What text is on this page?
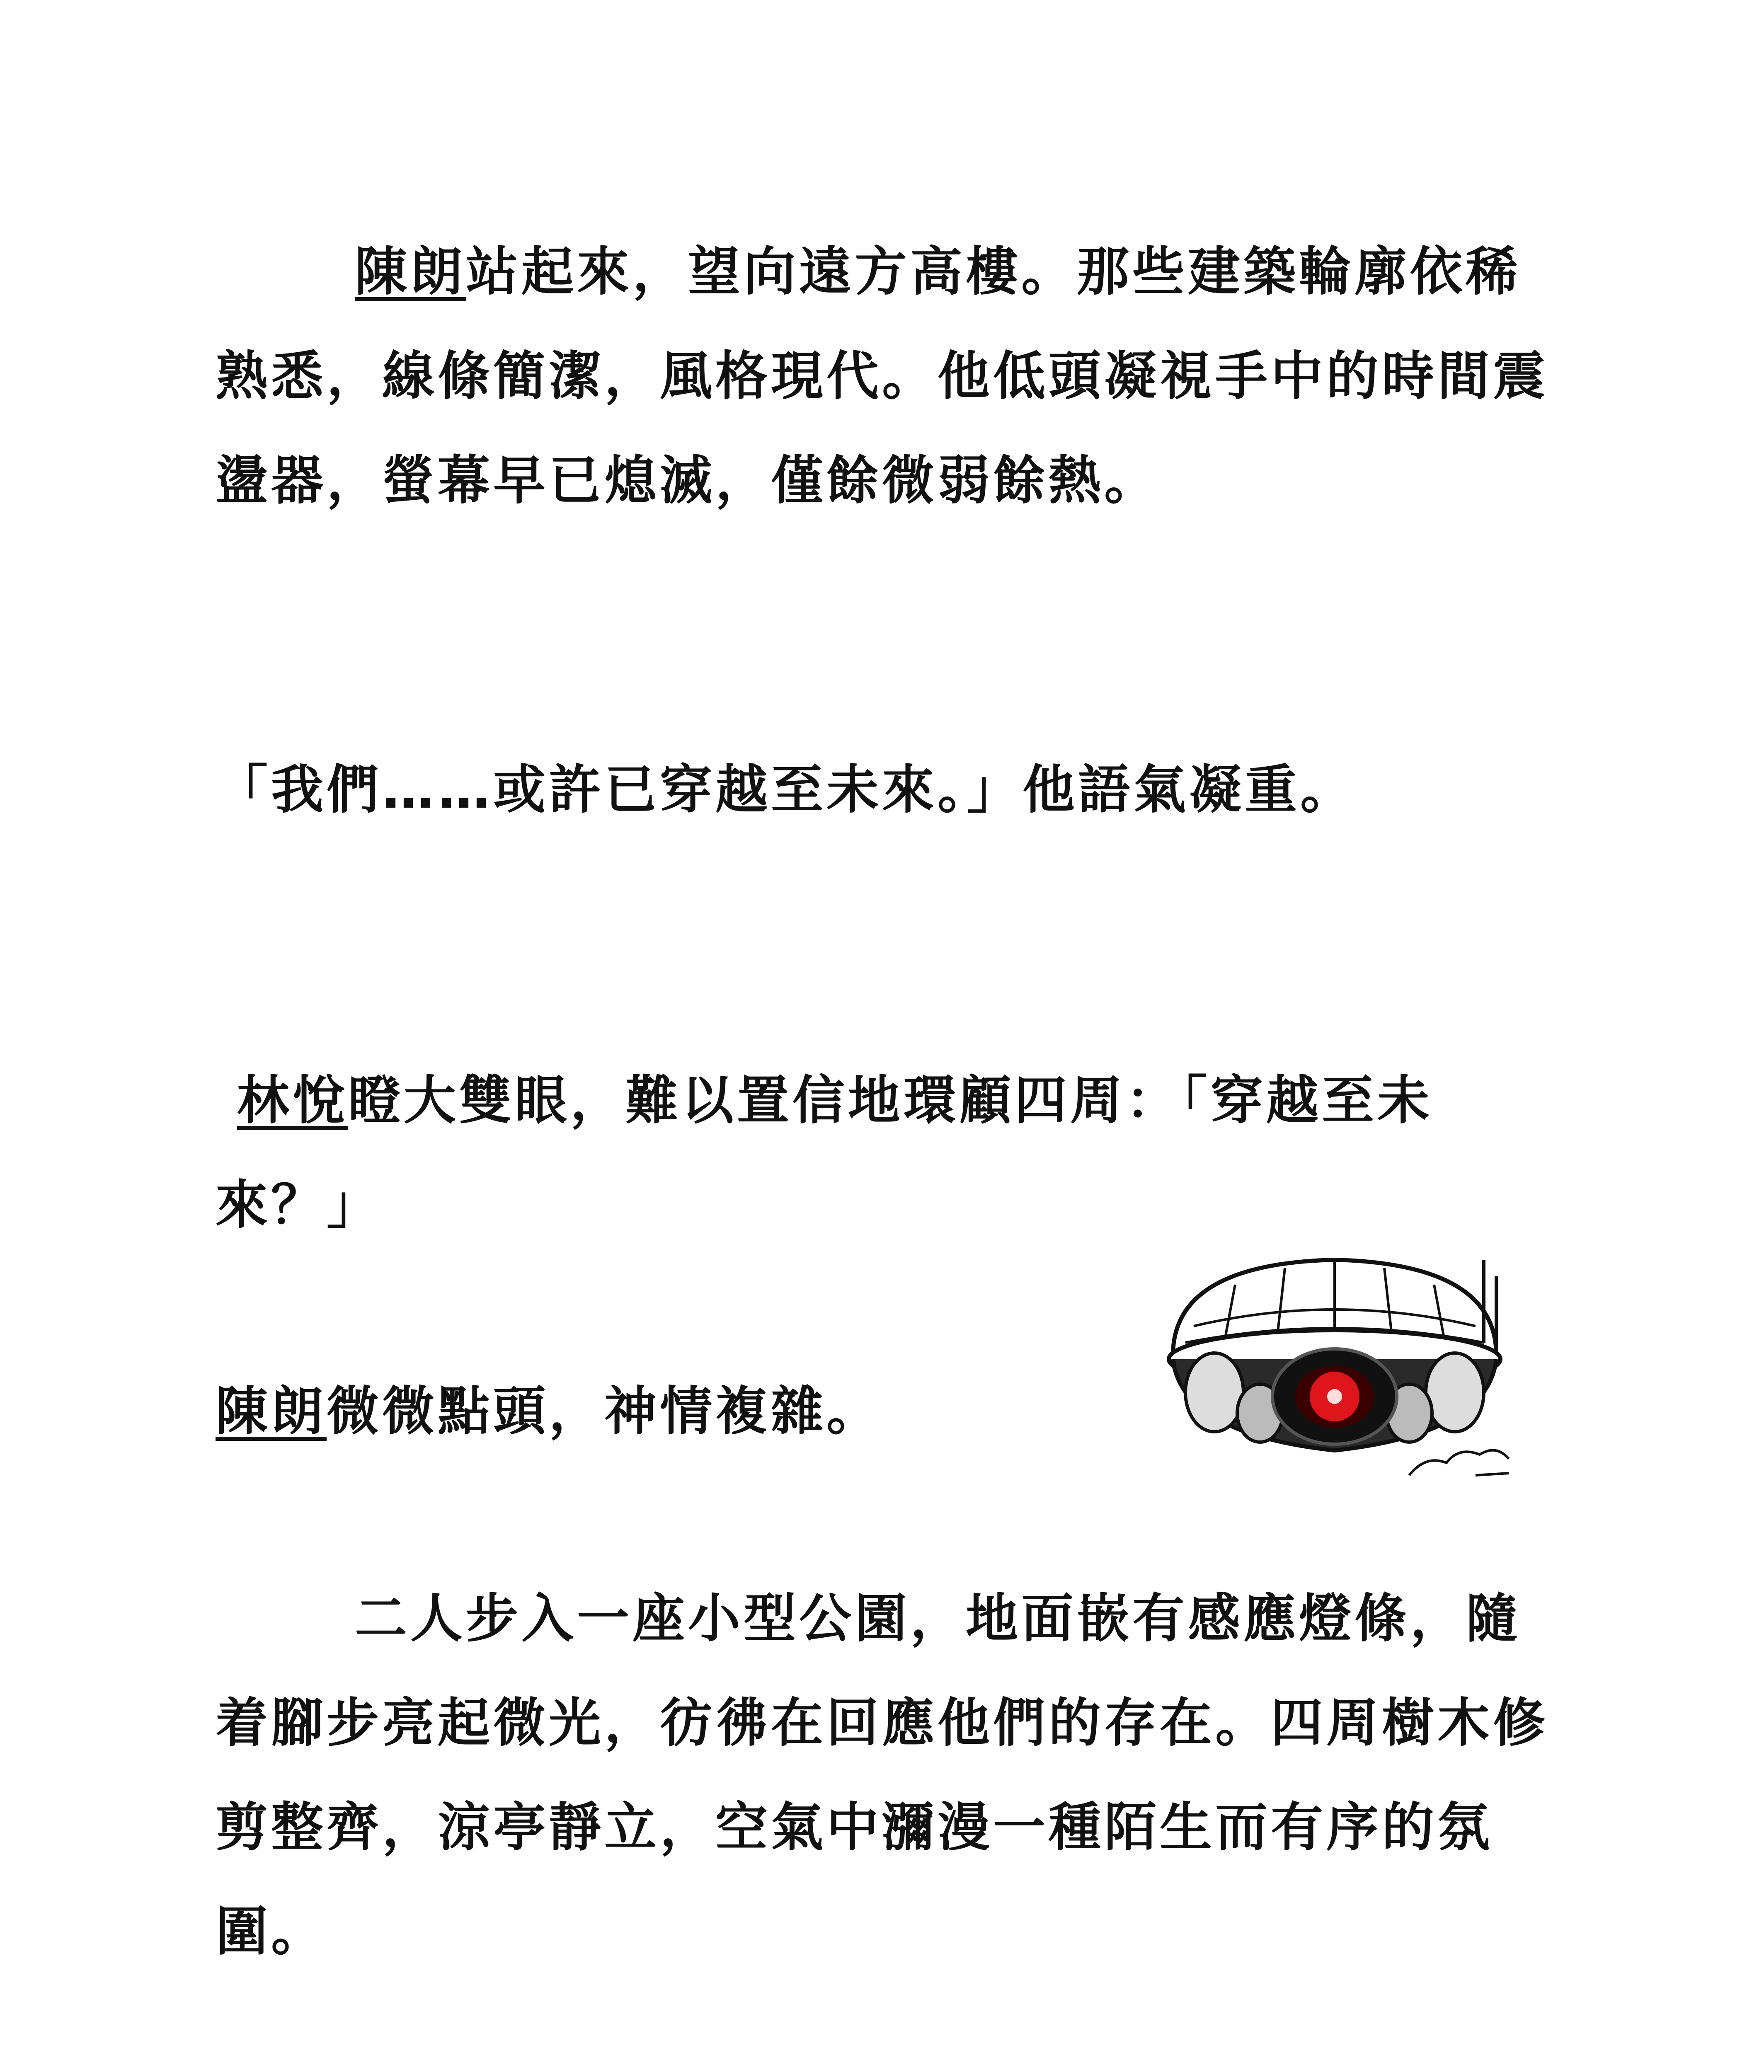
陳朗站起來，望向遠方高樓。那些建築輪廓依稀熟悉，線條簡潔，風格現代。他低頭凝視手中的時間震盪器，螢幕早已熄滅，僅餘微弱餘熱。

「我們……或許已穿越至未來。」他語氣凝重。

林悅瞪大雙眼，難以置信地環顧四周：「穿越至未來？」

陳朗微微點頭，神情複雜。

二人步入一座小型公園，地面嵌有感應燈條，隨着腳步亮起微光，彷彿在回應他們的存在。四周樹木修剪整齊，涼亭靜立，空氣中瀰漫一種陌生而有序的氛圍。
